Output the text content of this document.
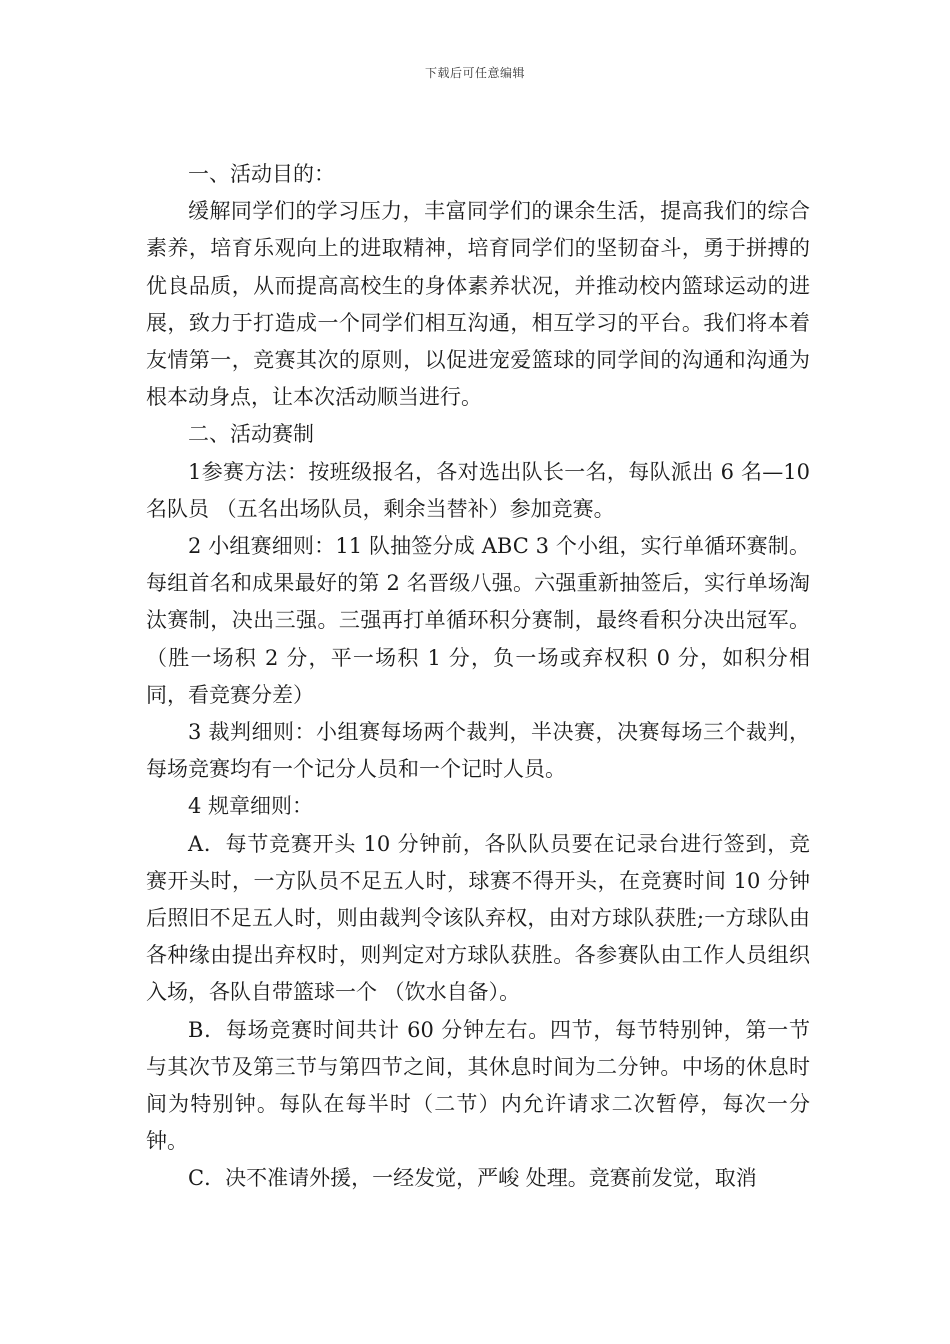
下载后可任意编辑

一、活动目的：

缓解同学们的学习压力，丰富同学们的课余生活，提高我们的综合素养，培育乐观向上的进取精神，培育同学们的坚韧奋斗，勇于拼搏的优良品质，从而提高高校生的身体素养状况，并推动校内篮球运动的进展，致力于打造成一个同学们相互沟通，相互学习的平台。我们将本着友情第一，竞赛其次的原则，以促进宠爱篮球的同学间的沟通和沟通为根本动身点，让本次活动顺当进行。

二、活动赛制

1参赛方法：按班级报名，各对选出队长一名，每队派出 6 名—10 名队员 （五名出场队员，剩余当替补）参加竞赛。

2 小组赛细则：11 队抽签分成 ABC 3 个小组，实行单循环赛制。每组首名和成果最好的第 2 名晋级八强。六强重新抽签后，实行单场淘汰赛制，决出三强。三强再打单循环积分赛制，最终看积分决出冠军。（胜一场积 2 分，平一场积 1 分，负一场或弃权积 0 分，如积分相同，看竞赛分差）

3 裁判细则：小组赛每场两个裁判，半决赛，决赛每场三个裁判，每场竞赛均有一个记分人员和一个记时人员。

4 规章细则：

A．每节竞赛开头 10 分钟前，各队队员要在记录台进行签到，竞赛开头时，一方队员不足五人时，球赛不得开头，在竞赛时间 10 分钟后照旧不足五人时，则由裁判令该队弃权，由对方球队获胜;一方球队由各种缘由提出弃权时，则判定对方球队获胜。各参赛队由工作人员组织入场，各队自带篮球一个 （饮水自备）。

B．每场竞赛时间共计 60 分钟左右。四节，每节特别钟，第一节与其次节及第三节与第四节之间，其休息时间为二分钟。中场的休息时间为特别钟。每队在每半时（二节）内允许请求二次暂停，每次一分钟。

C．决不准请外援，一经发觉，严峻 处理。竞赛前发觉，取消
